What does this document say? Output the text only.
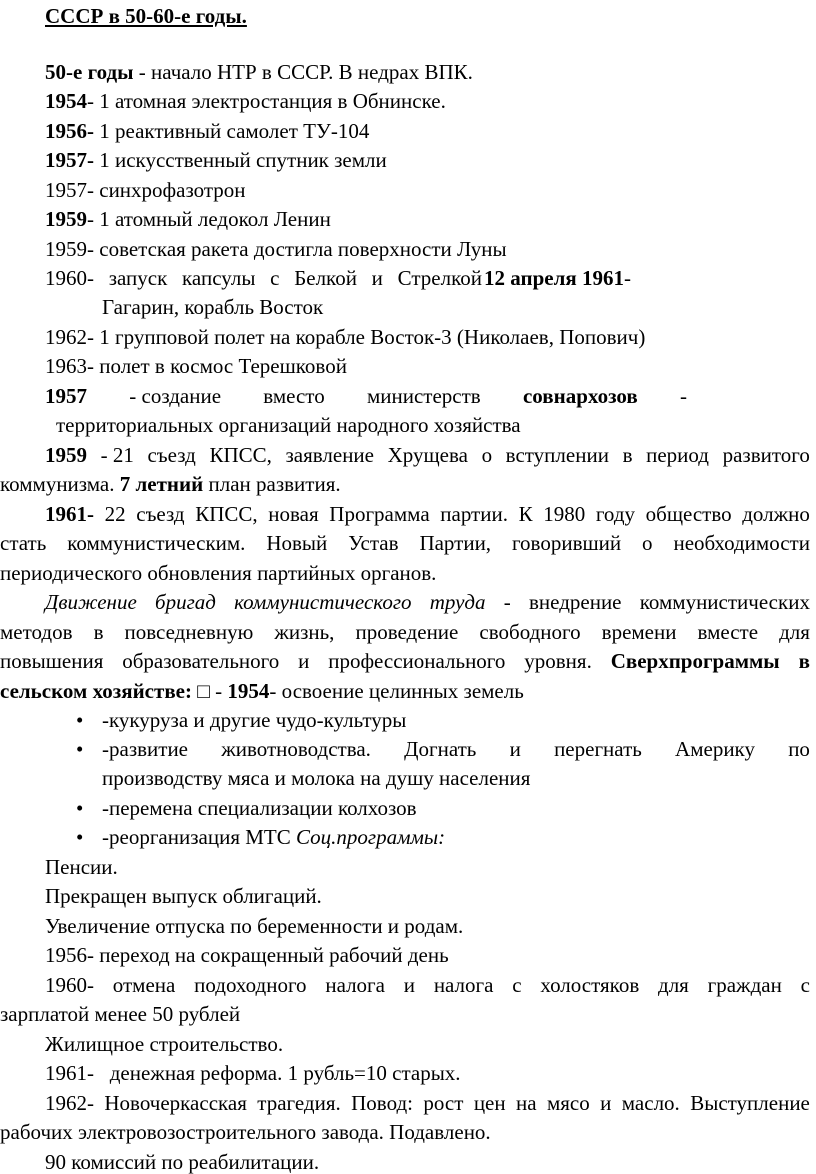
СССР в 50-60-е годы.
50-е годы - начало НТР в СССР. В недрах ВПК.
1954- 1 атомная электростанция в Обнинске.
1956- 1 реактивный самолет ТУ-104
1957- 1 искусственный спутник земли
1957- синхрофазотрон
1959- 1 атомный ледокол Ленин
1959- советская ракета достигла поверхности Луны
1960- запуск капсулы с Белкой и Стрелкой 12 апреля 1961-
Гагарин, корабль Восток
1962- 1 групповой полет на корабле Восток-3 (Николаев, Попович)
1963- полет в космос Терешковой
1957 - создание вместо министерств совнархозов -
территориальных организаций народного хозяйства
1959 - 21 съезд КПСС, заявление Хрущева о вступлении в период развитого
коммунизма. 7 летний план развития.
1961- 22 съезд КПСС, новая Программа партии. К 1980 году общество должно
стать коммунистическим. Новый Устав Партии, говоривший о необходимости
периодического обновления партийных органов.
Движение бригад коммунистического труда - внедрение коммунистических
методов в повседневную жизнь, проведение свободного времени вместе для
повышения образовательного и профессионального уровня. Сверхпрограммы в
сельском хозяйстве: □ - 1954- освоение целинных земель
• -кукуруза и другие чудо-культуры
• -развитие животноводства. Догнать и перегнать Америку по
производству мяса и молока на душу населения
• -перемена специализации колхозов
• -реорганизация МТС Соц.программы:
Пенсии.
Прекращен выпуск облигаций.
Увеличение отпуска по беременности и родам.
1956- переход на сокращенный рабочий день
1960- отмена подоходного налога и налога с холостяков для граждан с
зарплатой менее 50 рублей
Жилищное строительство.
1961-   денежная реформа. 1 рубль=10 старых.
1962- Новочеркасская трагедия. Повод: рост цен на мясо и масло. Выступление
рабочих электровозостроительного завода. Подавлено.
90 комиссий по реабилитации.
